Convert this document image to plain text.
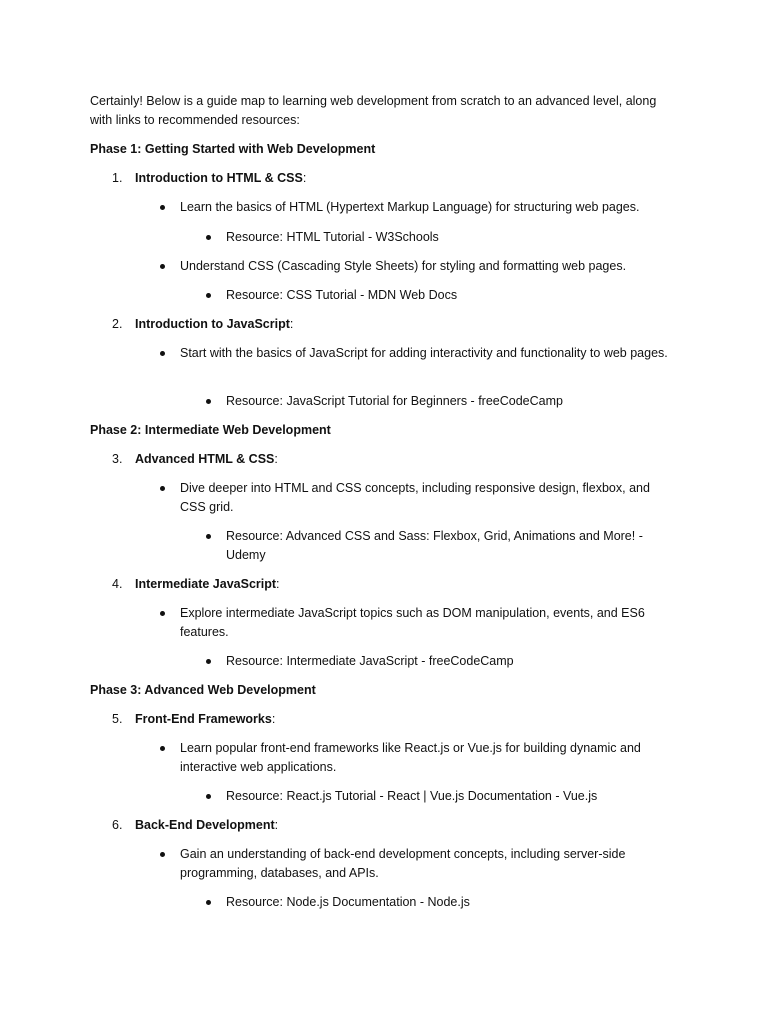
Certainly! Below is a guide map to learning web development from scratch to an advanced level, along with links to recommended resources:
Phase 1: Getting Started with Web Development
1. Introduction to HTML & CSS:
Learn the basics of HTML (Hypertext Markup Language) for structuring web pages.
Resource: HTML Tutorial - W3Schools
Understand CSS (Cascading Style Sheets) for styling and formatting web pages.
Resource: CSS Tutorial - MDN Web Docs
2. Introduction to JavaScript:
Start with the basics of JavaScript for adding interactivity and functionality to web pages.
Resource: JavaScript Tutorial for Beginners - freeCodeCamp
Phase 2: Intermediate Web Development
3. Advanced HTML & CSS:
Dive deeper into HTML and CSS concepts, including responsive design, flexbox, and CSS grid.
Resource: Advanced CSS and Sass: Flexbox, Grid, Animations and More! - Udemy
4. Intermediate JavaScript:
Explore intermediate JavaScript topics such as DOM manipulation, events, and ES6 features.
Resource: Intermediate JavaScript - freeCodeCamp
Phase 3: Advanced Web Development
5. Front-End Frameworks:
Learn popular front-end frameworks like React.js or Vue.js for building dynamic and interactive web applications.
Resource: React.js Tutorial - React | Vue.js Documentation - Vue.js
6. Back-End Development:
Gain an understanding of back-end development concepts, including server-side programming, databases, and APIs.
Resource: Node.js Documentation - Node.js
